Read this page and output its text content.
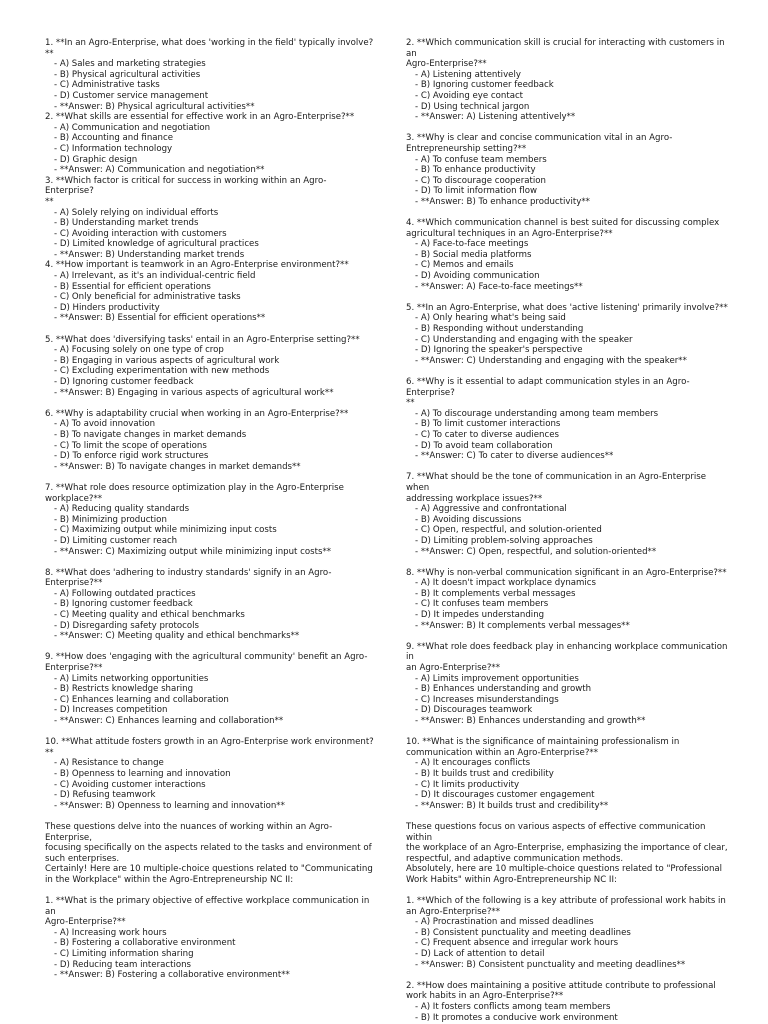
1. **In an Agro-Enterprise, what does 'working in the field' typically involve?
**

- A) Sales and marketing strategies
- B) Physical agricultural activities
- C) Administrative tasks
- D) Customer service management
- **Answer: B) Physical agricultural activities**

2. **What skills are essential for effective work in an Agro-Enterprise?**

- A) Communication and negotiation
- B) Accounting and finance
- C) Information technology
- D) Graphic design
- **Answer: A) Communication and negotiation**

3. **Which factor is critical for success in working within an Agro-Enterprise?
**

- A) Solely relying on individual efforts
- B) Understanding market trends
- C) Avoiding interaction with customers
- D) Limited knowledge of agricultural practices
- **Answer: B) Understanding market trends

4. **How important is teamwork in an Agro-Enterprise environment?**

- A) Irrelevant, as it's an individual-centric field
- B) Essential for efficient operations
- C) Only beneficial for administrative tasks
- D) Hinders productivity
- **Answer: B) Essential for efficient operations**

5. **What does 'diversifying tasks' entail in an Agro-Enterprise setting?**

- A) Focusing solely on one type of crop
- B) Engaging in various aspects of agricultural work
- C) Excluding experimentation with new methods
- D) Ignoring customer feedback
- **Answer: B) Engaging in various aspects of agricultural work**

6. **Why is adaptability crucial when working in an Agro-Enterprise?**

- A) To avoid innovation
- B) To navigate changes in market demands
- C) To limit the scope of operations
- D) To enforce rigid work structures
- **Answer: B) To navigate changes in market demands**

7. **What role does resource optimization play in the Agro-Enterprise
workplace?**

- A) Reducing quality standards
- B) Minimizing production
- C) Maximizing output while minimizing input costs
- D) Limiting customer reach
- **Answer: C) Maximizing output while minimizing input costs**

8. **What does 'adhering to industry standards' signify in an Agro-
Enterprise?**

- A) Following outdated practices
- B) Ignoring customer feedback
- C) Meeting quality and ethical benchmarks
- D) Disregarding safety protocols
- **Answer: C) Meeting quality and ethical benchmarks**

9. **How does 'engaging with the agricultural community' benefit an Agro-
Enterprise?**

- A) Limits networking opportunities
- B) Restricts knowledge sharing
- C) Enhances learning and collaboration
- D) Increases competition
- **Answer: C) Enhances learning and collaboration**

10. **What attitude fosters growth in an Agro-Enterprise work environment?
**

- A) Resistance to change
- B) Openness to learning and innovation
- C) Avoiding customer interactions
- D) Refusing teamwork
- **Answer: B) Openness to learning and innovation**

These questions delve into the nuances of working within an Agro-Enterprise,
focusing specifically on the aspects related to the tasks and environment of
such enterprises.
Certainly! Here are 10 multiple-choice questions related to "Communicating
in the Workplace" within the Agro-Entrepreneurship NC II:

1. **What is the primary objective of effective workplace communication in an
Agro-Enterprise?**

- A) Increasing work hours
- B) Fostering a collaborative environment
- C) Limiting information sharing
- D) Reducing team interactions
- **Answer: B) Fostering a collaborative environment**

2. **Which communication skill is crucial for interacting with customers in an
Agro-Enterprise?**

- A) Listening attentively
- B) Ignoring customer feedback
- C) Avoiding eye contact
- D) Using technical jargon
- **Answer: A) Listening attentively**

3. **Why is clear and concise communication vital in an Agro-
Entrepreneurship setting?**

- A) To confuse team members
- B) To enhance productivity
- C) To discourage cooperation
- D) To limit information flow
- **Answer: B) To enhance productivity**

4. **Which communication channel is best suited for discussing complex
agricultural techniques in an Agro-Enterprise?**

- A) Face-to-face meetings
- B) Social media platforms
- C) Memos and emails
- D) Avoiding communication
- **Answer: A) Face-to-face meetings**

5. **In an Agro-Enterprise, what does 'active listening' primarily involve?**

- A) Only hearing what's being said
- B) Responding without understanding
- C) Understanding and engaging with the speaker
- D) Ignoring the speaker's perspective
- **Answer: C) Understanding and engaging with the speaker**

6. **Why is it essential to adapt communication styles in an Agro-Enterprise?
**

- A) To discourage understanding among team members
- B) To limit customer interactions
- C) To cater to diverse audiences
- D) To avoid team collaboration
- **Answer: C) To cater to diverse audiences**

7. **What should be the tone of communication in an Agro-Enterprise when
addressing workplace issues?**

- A) Aggressive and confrontational
- B) Avoiding discussions
- C) Open, respectful, and solution-oriented
- D) Limiting problem-solving approaches
- **Answer: C) Open, respectful, and solution-oriented**

8. **Why is non-verbal communication significant in an Agro-Enterprise?**

- A) It doesn't impact workplace dynamics
- B) It complements verbal messages
- C) It confuses team members
- D) It impedes understanding
- **Answer: B) It complements verbal messages**

9. **What role does feedback play in enhancing workplace communication in
an Agro-Enterprise?**

- A) Limits improvement opportunities
- B) Enhances understanding and growth
- C) Increases misunderstandings
- D) Discourages teamwork
- **Answer: B) Enhances understanding and growth**

10. **What is the significance of maintaining professionalism in
communication within an Agro-Enterprise?**

- A) It encourages conflicts
- B) It builds trust and credibility
- C) It limits productivity
- D) It discourages customer engagement
- **Answer: B) It builds trust and credibility**

These questions focus on various aspects of effective communication within
the workplace of an Agro-Enterprise, emphasizing the importance of clear,
respectful, and adaptive communication methods.
Absolutely, here are 10 multiple-choice questions related to "Professional
Work Habits" within Agro-Entrepreneurship NC II:

1. **Which of the following is a key attribute of professional work habits in
an Agro-Enterprise?**

- A) Procrastination and missed deadlines
- B) Consistent punctuality and meeting deadlines
- C) Frequent absence and irregular work hours
- D) Lack of attention to detail
- **Answer: B) Consistent punctuality and meeting deadlines**

2. **How does maintaining a positive attitude contribute to professional
work habits in an Agro-Enterprise?**

- A) It fosters conflicts among team members
- B) It promotes a conducive work environment
